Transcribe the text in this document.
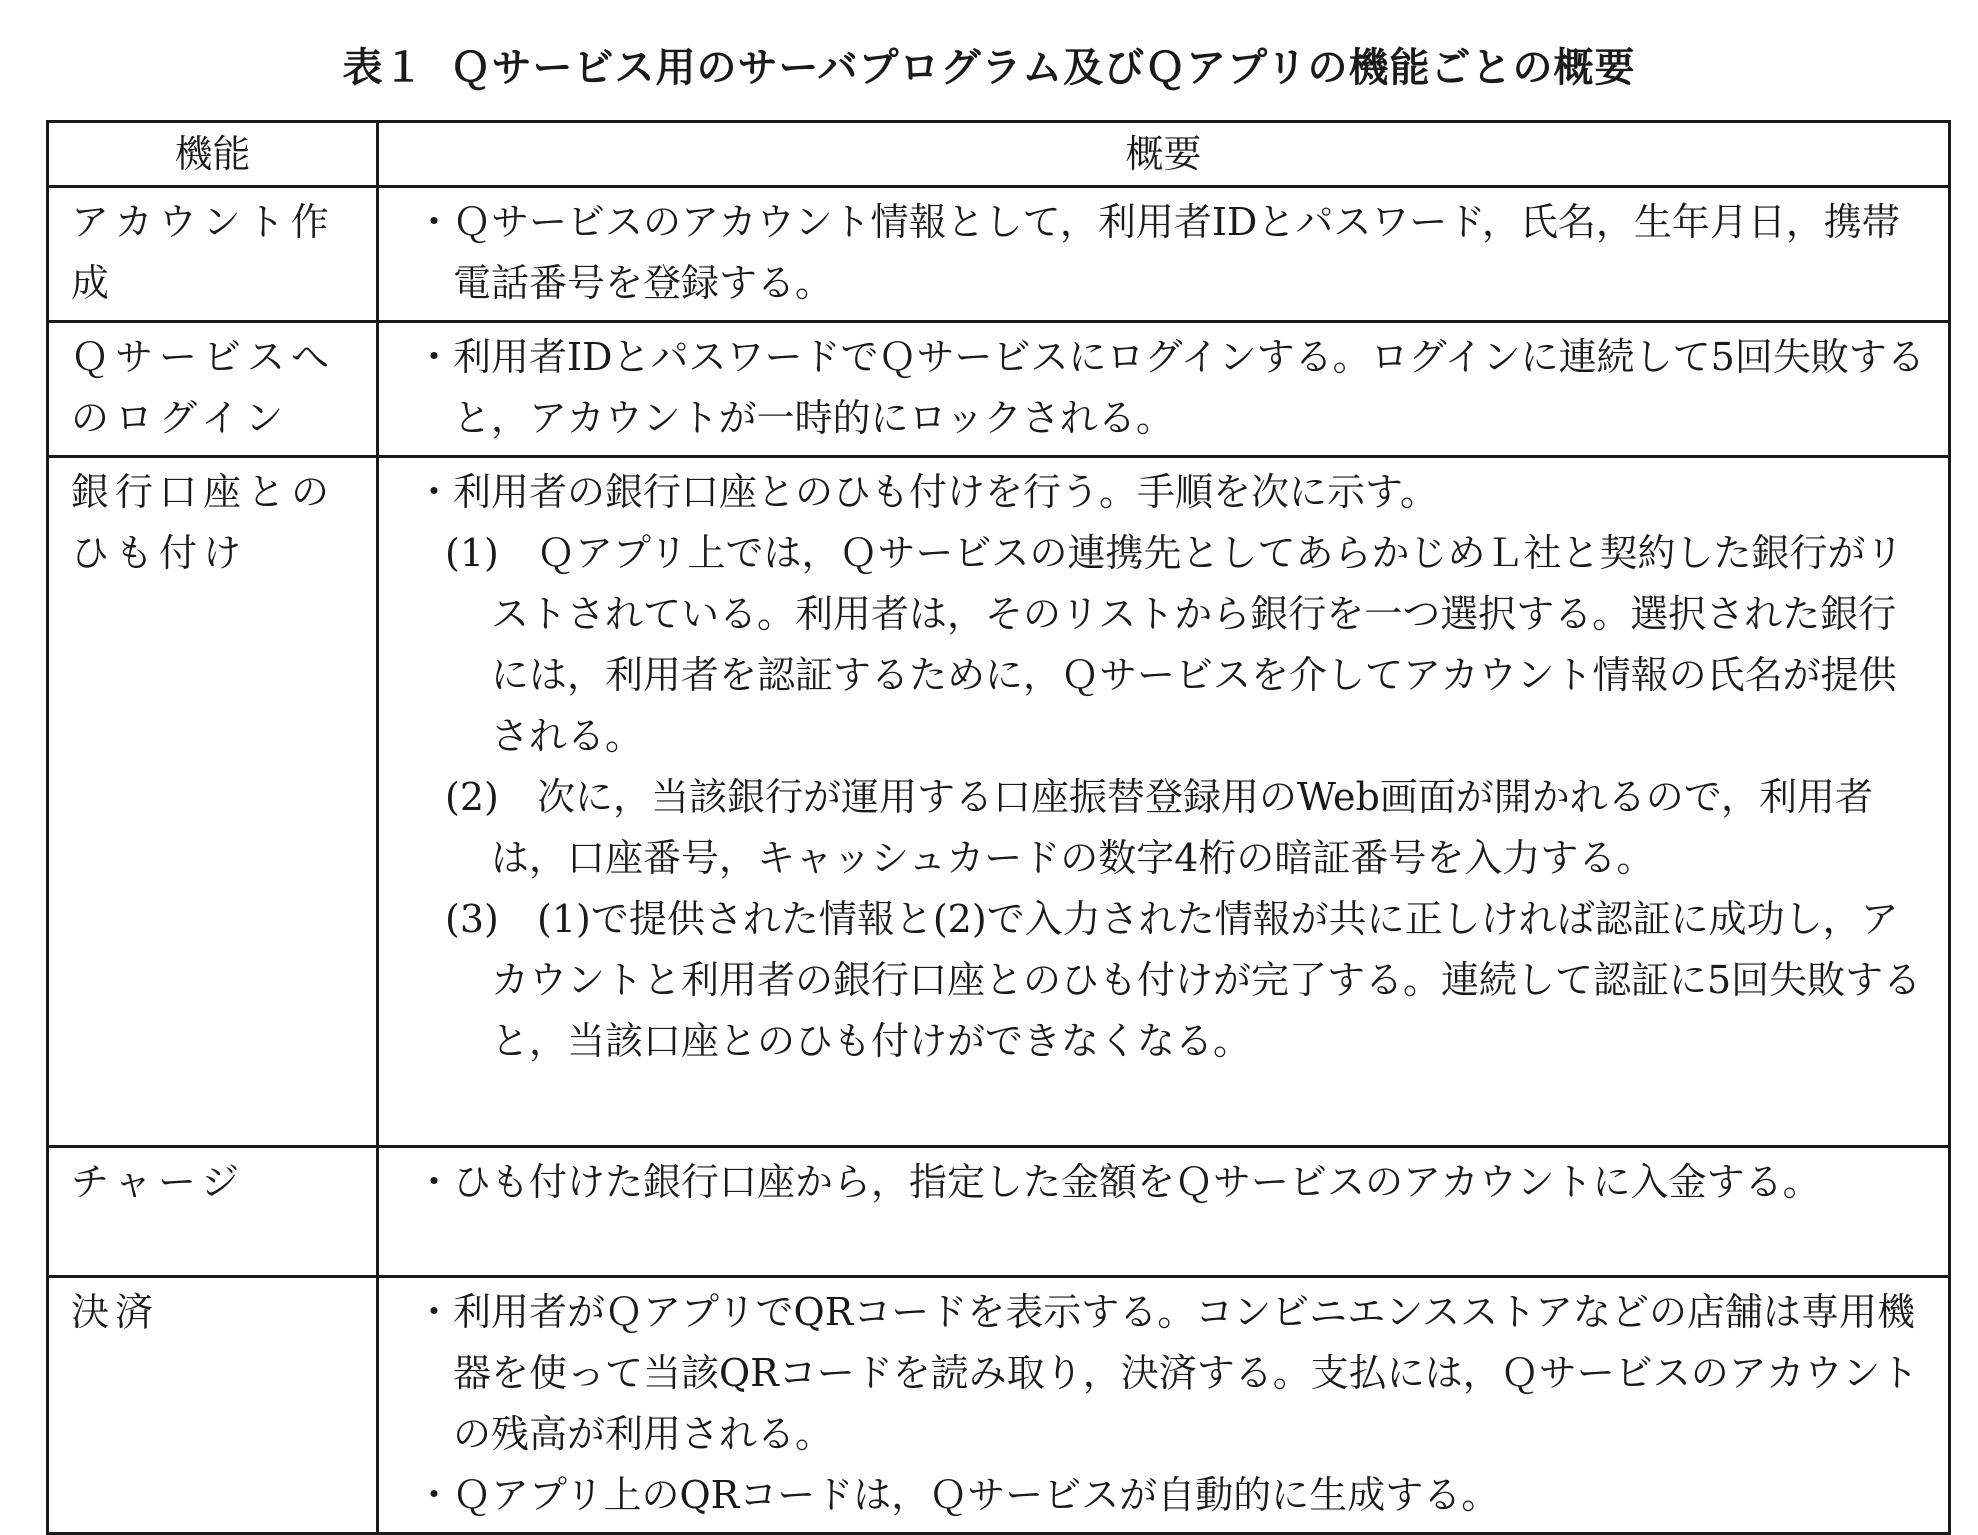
表１ Ｑサービス用のサーバプログラム及びＱアプリの機能ごとの概要
機能	概要
アカウント作成	・Ｑサービスのアカウント情報として，利用者IDとパスワード，氏名，生年月日，携帯電話番号を登録する。

Ｑサービスへのログイン	・利用者IDとパスワードでＱサービスにログインする。ログインに連続して5回失敗すると，アカウントが一時的にロックされる。

銀行口座とのひも付け	・利用者の銀行口座とのひも付けを行う。手順を次に示す。

(1) Ｑアプリ上では，Ｑサービスの連携先としてあらかじめＬ社と契約した銀行がリストされている。利用者は，そのリストから銀行を一つ選択する。選択された銀行には，利用者を認証するために，Ｑサービスを介してアカウント情報の氏名が提供される。

(2) 次に，当該銀行が運用する口座振替登録用のWeb画面が開かれるので，利用者は，口座番号，キャッシュカードの数字4桁の暗証番号を入力する。

(3) (1)で提供された情報と(2)で入力された情報が共に正しければ認証に成功し，アカウントと利用者の銀行口座とのひも付けが完了する。連続して認証に5回失敗すると，当該口座とのひも付けができなくなる。

チャージ	・ひも付けた銀行口座から，指定した金額をＱサービスのアカウントに入金する。

決済	・利用者がＱアプリでQRコードを表示する。コンビニエンスストアなどの店舗は専用機器を使って当該QRコードを読み取り，決済する。支払には，Ｑサービスのアカウントの残高が利用される。

・Ｑアプリ上のQRコードは，Ｑサービスが自動的に生成する。
